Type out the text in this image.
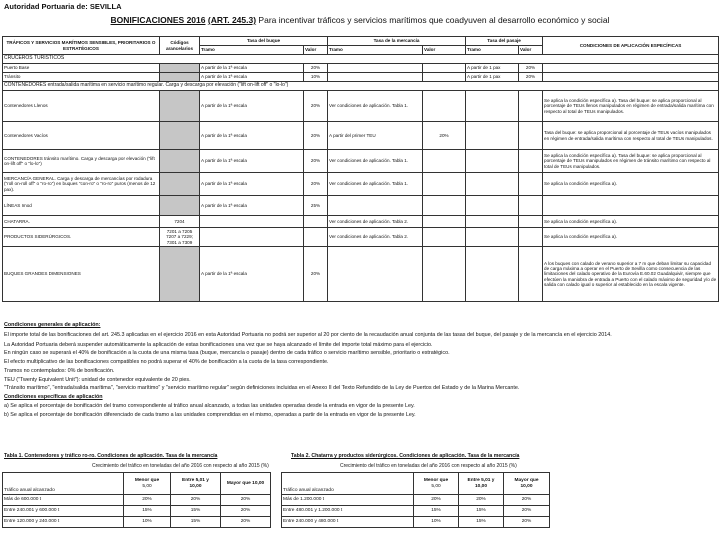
Autoridad Portuaria de: SEVILLA
BONIFICACIONES 2016 (ART. 245.3) Para incentivar tráficos y servicios marítimos que coadyuven al desarrollo económico y social
TRÁFICOS Y SERVICIOS MARÍTIMOS SENSIBLES, PRIORITARIOS O ESTRATÉGICOS	Códigos arancelarios	Tasa del buque		Tasa de la mercancía		Tasa del pasaje		CONDICIONES DE APLICACIÓN ESPECÍFICAS
		Tramo	Valor	Tramo	Valor	Tramo	Valor	
CRUCEROS TURISTICOS								
Puerto Base		A partir de la 1ª escala	20%			A partir de 1 pax	20%	
Tránsito		A partir de la 1ª escala	10%			A partir de 1 pax	20%	
CONTENEDORES entrada/salida marítima en servicio marítimo regular. Carga y descarga por elevación ("lift on-lift off" o "lo-lo")								
Contenedores Llenos		A partir de la 1ª escala	20%	Ver condiciones de aplicación. Tabla 1.				Se aplica la condición específica a). Tasa del buque: se aplica proporcional al porcentaje de TEUs llenos manipulados en régimen de entrada/salida marítima con respecto al total de TEUs manipulados.
Contenedores Vacíos		A partir de la 1ª escala	20%	A partir del primer TEU	20%			Tasa del buque: se aplica proporcional al porcentaje de TEUs vacíos manipulados en régimen de entrada/salida marítima con respecto al total de TEUs manipulados.
CONTENEDORES tránsito marítimo. Carga y descarga por elevación ("lift on-lift off" o "lo-lo")		A partir de la 1ª escala	20%	Ver condiciones de aplicación. Tabla 1.				Se aplica la condición específica a). Tasa del buque: se aplica proporcional al porcentaje de TEUs manipulados en régimen de tránsito marítimo con respecto al total de TEUs manipulados.
MERCANCÍA GENERAL. Carga y descarga de mercancías por rodadura ("roll on-roll off" o "ro-ro") en buques "con-ro" o "ro-ro" puros (menos de 12 pax).		A partir de la 1ª escala	20%	Ver condiciones de aplicación. Tabla 1.				Se aplica la condición específica a).
LÍNEAS Imod		A partir de la 1ª escala	25%					
CHATARRA.	7204			Ver condiciones de aplicación. Tabla 2.				Se aplica la condición específica a).
PRODUCTOS SIDERÚRGICOS.	7201 a 7205
7207 a 7229;
7301 a 7309			Ver condiciones de aplicación. Tabla 2.				Se aplica la condición específica a).
BUQUES GRANDES DIMENSIONES		A partir de la 1ª escala	20%					A los buques con calado de verano superior a 7 m que deban limitar su capacidad de carga máxima a operar en el Puerto de Sevilla como consecuencia de las limitaciones del calado operativo de la Eurovía E.60.02 Guadalquivir, siempre que efectúen la maniobra de entrada a Puerto con el calado máximo de seguridad y/o de salida con calado igual o superior al establecido en la escala vigente.
Condiciones generales de aplicación:
El importe total de las bonificaciones del art. 245.3 aplicadas en el ejercicio 2016 en esta Autoridad Portuaria no podrá ser superior al 20 por ciento de la recaudación anual conjunta de las tasas del buque, del pasaje y de la mercancía en el ejercicio 2014.
La Autoridad Portuaria deberá suspender automáticamente la aplicación de estas bonificaciones una vez que se haya alcanzado el límite del importe total máximo para el ejercicio.
En ningún caso se superará el 40% de bonificación a la cuota de una misma tasa (buque, mercancía o pasaje) dentro de cada tráfico o servicio marítimo sensible, prioritario o estratégico.
El efecto multiplicativo de las bonificaciones compatibles no podrá superar el 40% de bonificación a la cuota de la tasa correspondiente.
Tramos no contemplados: 0% de bonificación.
TEU ("Twenty Equivalent Unit"): unidad de contenedor equivalente de 20 pies.
"Tránsito marítimo", "entrada/salida marítima", "servicio marítimo" y "servicio marítimo regular" según definiciones incluidas en el Anexo II del Texto Refundido de la Ley de Puertos del Estado y de la Marina Mercante.
Condiciones específicas de aplicación
a) Se aplica el porcentaje de bonificación del tramo correspondiente al tráfico anual alcanzado, a todas las unidades operadas desde la entrada en vigor de la presente Ley.
b) Se aplica el porcentaje de bonificación diferenciado de cada tramo a las unidades comprendidas en el mismo, operadas a partir de la entrada en vigor de la presente Ley.
Tabla 1. Contenedores y tráfico ro-ro. Condiciones de aplicación. Tasa de la mercancía
Crecimiento del tráfico en toneladas del año 2016 con respecto al año 2015 (%)
Tráfico anual alcanzado	Menor que
5,00	Entre 5,01 y
10,00	Mayor que 10,00
Más de 600.000 t	20%	20%	20%
Entre 240.001 y 600.000 t	15%	15%	20%
Entre 120.000 y 240.000 t	10%	15%	20%
Tabla 2. Chatarra y productos siderúrgicos. Condiciones de aplicación. Tasa de la mercancía
Crecimiento del tráfico en toneladas del año 2016 con respecto al año 2015 (%)
Tráfico anual alcanzado	Menor que
5,00	Entre 5,01 y
10,00	Mayor que
10,00
Más de 1.200.000 t	20%	20%	20%
Entre 480.001 y 1.200.000 t	15%	15%	20%
Entre 240.000 y 480.000 t	10%	15%	20%
